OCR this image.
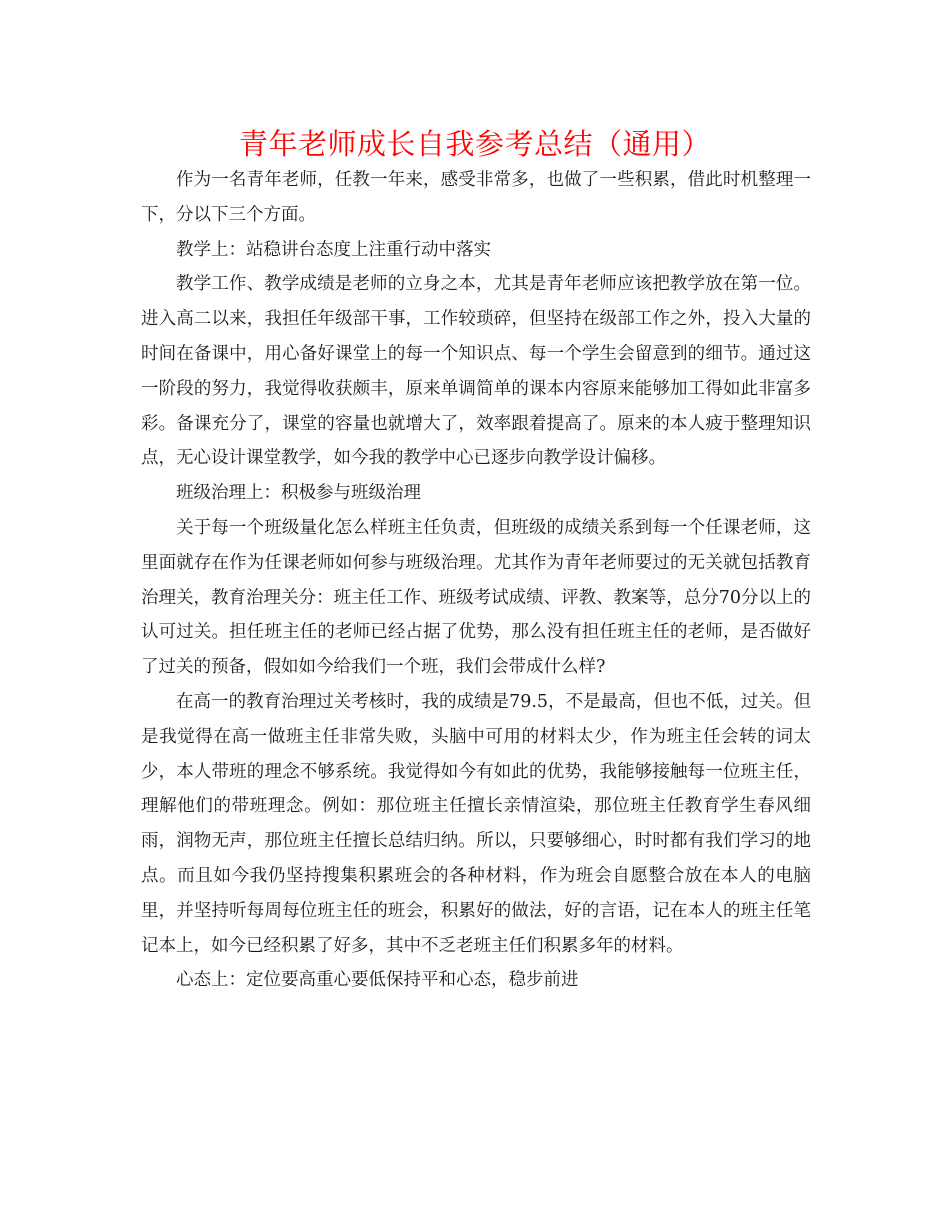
青年老师成长自我参考总结（通用）

作为一名青年老师，任教一年来，感受非常多，也做了一些积累，借此时机整理一下，分以下三个方面。

教学上：站稳讲台态度上注重行动中落实

教学工作、教学成绩是老师的立身之本，尤其是青年老师应该把教学放在第一位。进入高二以来，我担任年级部干事，工作较琐碎，但坚持在级部工作之外，投入大量的时间在备课中，用心备好课堂上的每一个知识点、每一个学生会留意到的细节。通过这一阶段的努力，我觉得收获颇丰，原来单调简单的课本内容原来能够加工得如此非富多彩。备课充分了，课堂的容量也就增大了，效率跟着提高了。原来的本人疲于整理知识点，无心设计课堂教学，如今我的教学中心已逐步向教学设计偏移。

班级治理上：积极参与班级治理

关于每一个班级量化怎么样班主任负责，但班级的成绩关系到每一个任课老师，这里面就存在作为任课老师如何参与班级治理。尤其作为青年老师要过的无关就包括教育治理关，教育治理关分：班主任工作、班级考试成绩、评教、教案等，总分70分以上的认可过关。担任班主任的老师已经占据了优势，那么没有担任班主任的老师，是否做好了过关的预备，假如如今给我们一个班，我们会带成什么样?

在高一的教育治理过关考核时，我的成绩是79.5，不是最高，但也不低，过关。但是我觉得在高一做班主任非常失败，头脑中可用的材料太少，作为班主任会转的词太少，本人带班的理念不够系统。我觉得如今有如此的优势，我能够接触每一位班主任，理解他们的带班理念。例如：那位班主任擅长亲情渲染，那位班主任教育学生春风细雨，润物无声，那位班主任擅长总结归纳。所以，只要够细心，时时都有我们学习的地点。而且如今我仍坚持搜集积累班会的各种材料，作为班会自愿整合放在本人的电脑里，并坚持听每周每位班主任的班会，积累好的做法，好的言语，记在本人的班主任笔记本上，如今已经积累了好多，其中不乏老班主任们积累多年的材料。

心态上：定位要高重心要低保持平和心态，稳步前进
